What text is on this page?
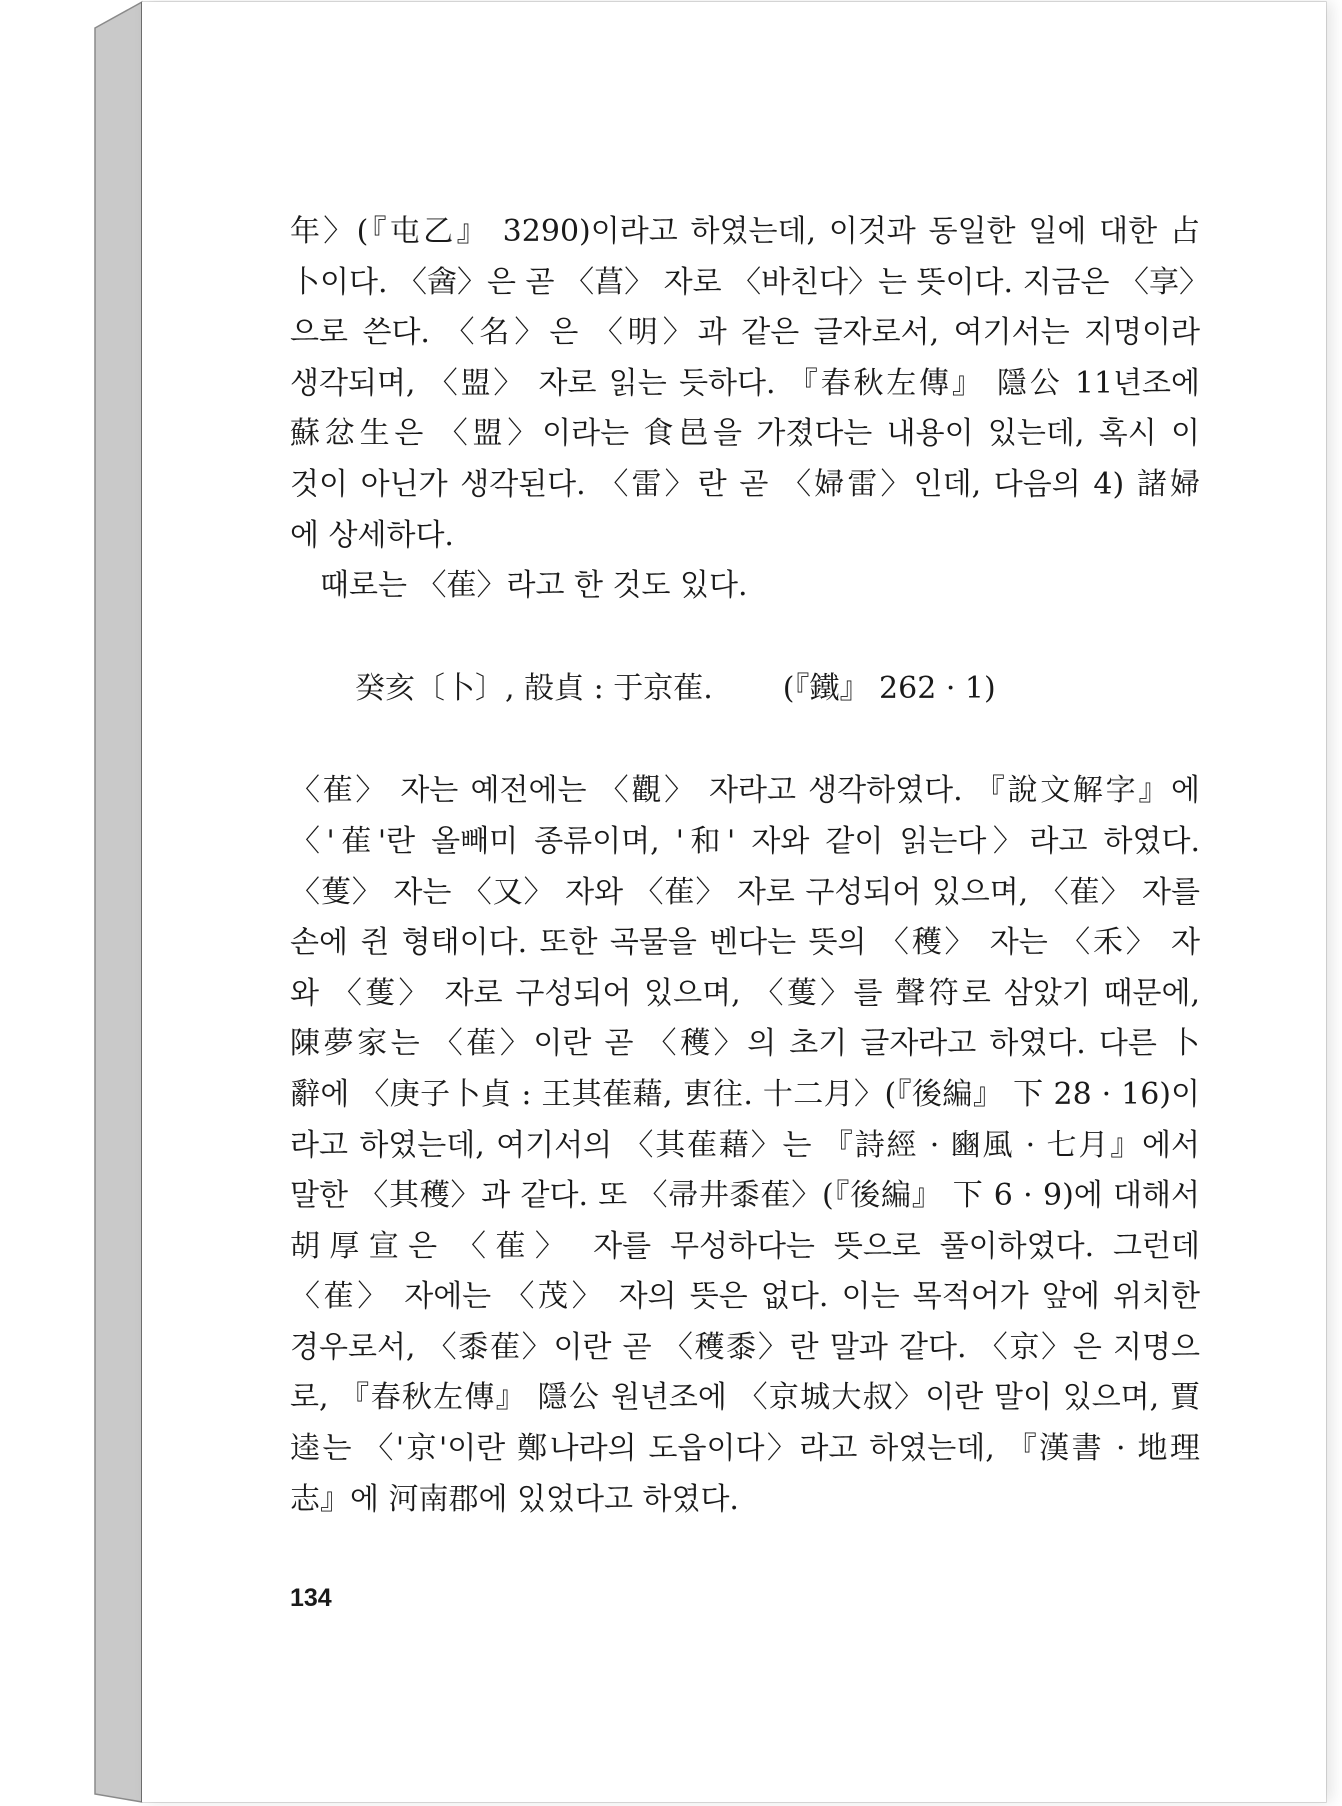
年〉(『屯乙』 3290)이라고 하였는데, 이것과 동일한 일에 대한 占
卜이다. 〈酓〉은 곧 〈菖〉 자로 〈바친다〉는 뜻이다. 지금은 〈享〉
으로 쓴다. 〈名〉은 〈明〉과 같은 글자로서, 여기서는 지명이라
생각되며, 〈盟〉 자로 읽는 듯하다. 『春秋左傳』 隱公 11년조에
蘇忿生은 〈盟〉이라는 食邑을 가졌다는 내용이 있는데, 혹시 이
것이 아닌가 생각된다. 〈雷〉란 곧 〈婦雷〉인데, 다음의 4) 諸婦
에 상세하다.

때로는 〈萑〉라고 한 것도 있다.

癸亥〔卜〕, 㱿貞 : 于京萑. (『鐵』 262 · 1)

〈萑〉 자는 예전에는 〈觀〉 자라고 생각하였다. 『說文解字』에
〈'萑'란 올빼미 종류이며, '和' 자와 같이 읽는다〉라고 하였다.
〈蒦〉 자는 〈又〉 자와 〈萑〉 자로 구성되어 있으며, 〈萑〉 자를
손에 쥔 형태이다. 또한 곡물을 벤다는 뜻의 〈穫〉 자는 〈禾〉 자
와 〈蒦〉 자로 구성되어 있으며, 〈蒦〉를 聲符로 삼았기 때문에,
陳夢家는 〈萑〉이란 곧 〈穫〉의 초기 글자라고 하였다. 다른 卜
辭에 〈庚子卜貞 : 王其萑藉, 叀往. 十二月〉(『後編』 下 28 · 16)이
라고 하였는데, 여기서의 〈其萑藉〉는 『詩經 · 豳風 · 七月』에서
말한 〈其穫〉과 같다. 또 〈帚井黍萑〉(『後編』 下 6 · 9)에 대해서
胡厚宣은 〈萑〉 자를 무성하다는 뜻으로 풀이하였다. 그런데
〈萑〉 자에는 〈茂〉 자의 뜻은 없다. 이는 목적어가 앞에 위치한
경우로서, 〈黍萑〉이란 곧 〈穫黍〉란 말과 같다. 〈京〉은 지명으
로, 『春秋左傳』 隱公 원년조에 〈京城大叔〉이란 말이 있으며, 賈
逵는 〈'京'이란 鄭나라의 도읍이다〉라고 하였는데, 『漢書 · 地理
志』에 河南郡에 있었다고 하였다.

134
